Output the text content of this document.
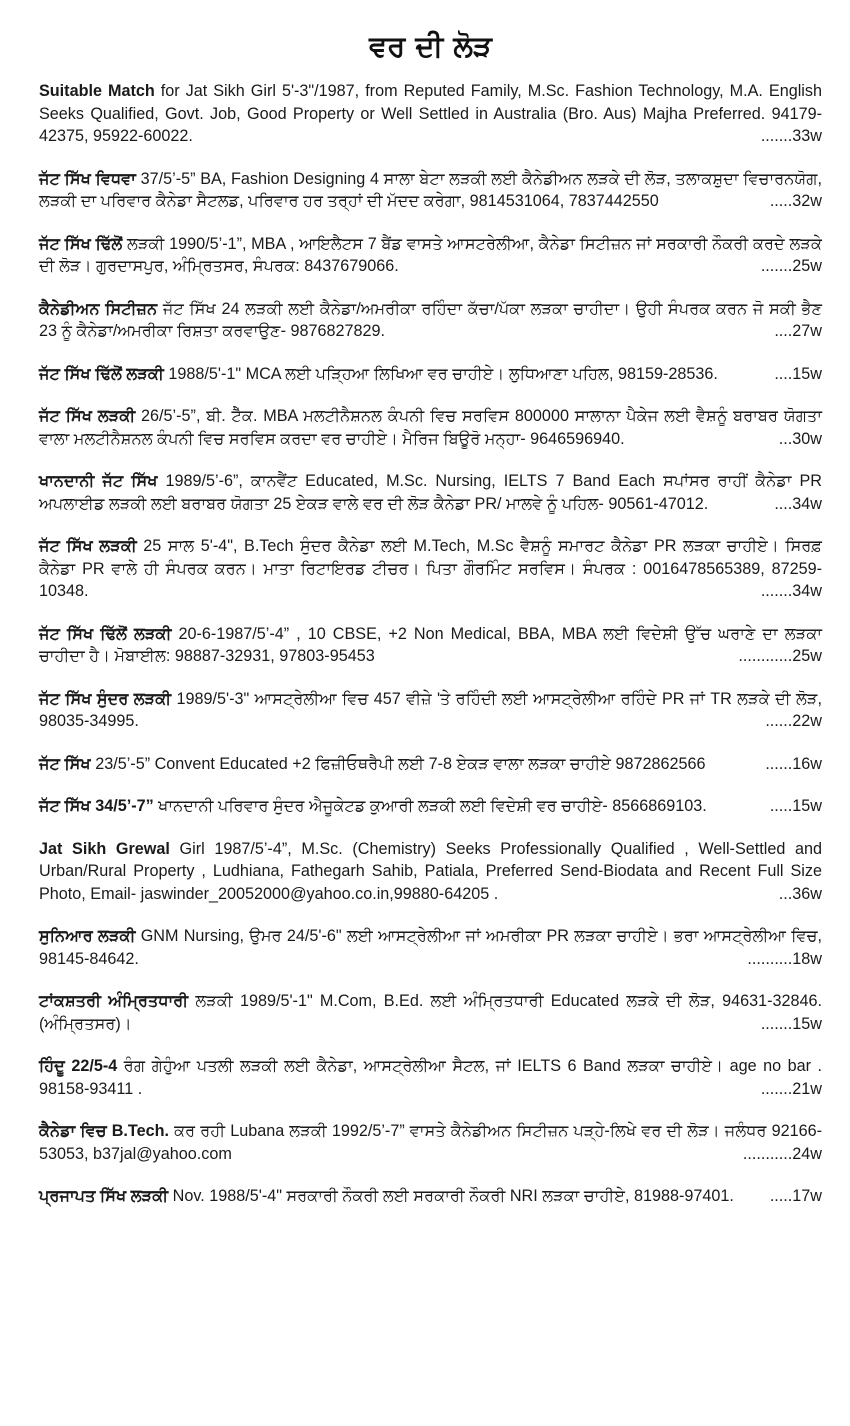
ਵਰ ਦੀ ਲੋੜ

Suitable Match for Jat Sikh Girl 5'-3"/1987, from Reputed Family, M.Sc. Fashion Technology, M.A. English Seeks Qualified, Govt. Job, Good Property or Well Settled in Australia (Bro. Aus) Majha Preferred. 94179-42375, 95922-60022.	.......33w

ਜੱਟ ਸਿੱਖ ਵਿਧਵਾ 37/5’-5” BA, Fashion Designing 4 ਸਾਲਾ ਬੇਟਾ ਲੜਕੀ ਲਈ ਕੈਨੇਡੀਅਨ ਲੜਕੇ ਦੀ ਲੋੜ, ਤਲਾਕਸ਼ੁਦਾ ਵਿਚਾਰਨਯੋਗ, ਲੜਕੀ ਦਾ ਪਰਿਵਾਰ ਕੈਨੇਡਾ ਸੈਟਲਡ, ਪਰਿਵਾਰ ਹਰ ਤਰ੍ਹਾਂ ਦੀ ਮੱਦਦ ਕਰੇਗਾ, 9814531064, 7837442550	.....32w

ਜੱਟ ਸਿੱਖ ਢਿੱਲੋਂ ਲੜਕੀ 1990/5’-1”, MBA , ਆਇਲੈਟਸ 7 ਬੈਂਡ ਵਾਸਤੇ ਆਸਟਰੇਲੀਆ, ਕੈਨੇਡਾ ਸਿਟੀਜ਼ਨ ਜਾਂ ਸਰਕਾਰੀ ਨੌਕਰੀ ਕਰਦੇ ਲੜਕੇ ਦੀ ਲੋੜ। ਗੁਰਦਾਸਪੁਰ, ਅੰਮ੍ਰਿਤਸਰ, ਸੰਪਰਕ: 8437679066.	.......25w

ਕੈਨੇਡੀਅਨ ਸਿਟੀਜ਼ਨ ਜੱਟ ਸਿੱਖ 24 ਲੜਕੀ ਲਈ ਕੈਨੇਡਾ/ਅਮਰੀਕਾ ਰਹਿੰਦਾ ਕੱਚਾ/ਪੱਕਾ ਲੜਕਾ ਚਾਹੀਦਾ। ਉਹੀ ਸੰਪਰਕ ਕਰਨ ਜੋ ਸਕੀ ਭੈਣ 23 ਨੂੰ ਕੈਨੇਡਾ/ਅਮਰੀਕਾ ਰਿਸ਼ਤਾ ਕਰਵਾਉਣ- 9876827829.	....27w

ਜੱਟ ਸਿੱਖ ਢਿੱਲੋਂ ਲੜਕੀ 1988/5'-1" MCA ਲਈ ਪੜ੍ਹਿਆ ਲਿਖਿਆ ਵਰ ਚਾਹੀਏ। ਲੁਧਿਆਣਾ ਪਹਿਲ, 98159-28536.	....15w

ਜੱਟ ਸਿੱਖ ਲੜਕੀ 26/5’-5”, ਬੀ. ਟੈੱਕ. MBA ਮਲਟੀਨੈਸ਼ਨਲ ਕੰਪਨੀ ਵਿਚ ਸਰਵਿਸ 800000 ਸਾਲਾਨਾ ਪੈਕੇਜ ਲਈ ਵੈਸ਼ਨੂੰ ਬਰਾਬਰ ਯੋਗਤਾ ਵਾਲਾ ਮਲਟੀਨੈਸ਼ਨਲ ਕੰਪਨੀ ਵਿਚ ਸਰਵਿਸ ਕਰਦਾ ਵਰ ਚਾਹੀਏ। ਮੈਰਿਜ ਬਿਊਰੋ ਮਨ੍ਹਾ- 9646596940.	...30w

ਖਾਨਦਾਨੀ ਜੱਟ ਸਿੱਖ 1989/5’-6”, ਕਾਨਵੈਂਟ Educated, M.Sc. Nursing, IELTS 7 Band Each ਸਪਾਂਸਰ ਰਾਹੀਂ ਕੈਨੇਡਾ PR ਅਪਲਾਈਡ ਲੜਕੀ ਲਈ ਬਰਾਬਰ ਯੋਗਤਾ 25 ਏਕੜ ਵਾਲੇ ਵਰ ਦੀ ਲੋੜ ਕੈਨੇਡਾ PR/ ਮਾਲਵੇ ਨੂੰ ਪਹਿਲ- 90561-47012.	....34w

ਜੱਟ ਸਿੱਖ ਲੜਕੀ 25 ਸਾਲ 5'-4", B.Tech ਸੁੰਦਰ ਕੈਨੇਡਾ ਲਈ M.Tech, M.Sc ਵੈਸ਼ਨੂੰ ਸਮਾਰਟ ਕੈਨੇਡਾ PR ਲੜਕਾ ਚਾਹੀਏ। ਸਿਰਫ਼ ਕੈਨੇਡਾ PR ਵਾਲੇ ਹੀ ਸੰਪਰਕ ਕਰਨ। ਮਾਤਾ ਰਿਟਾਇਰਡ ਟੀਚਰ। ਪਿਤਾ ਗੌਰਮਿੰਟ ਸਰਵਿਸ। ਸੰਪਰਕ : 0016478565389, 87259-10348.	.......34w

ਜੱਟ ਸਿੱਖ ਢਿੱਲੋਂ ਲੜਕੀ 20-6-1987/5’-4” , 10 CBSE, +2 Non Medical, BBA, MBA ਲਈ ਵਿਦੇਸ਼ੀ ਉੱਚ ਘਰਾਣੇ ਦਾ ਲੜਕਾ ਚਾਹੀਦਾ ਹੈ। ਮੋਬਾਈਲ: 98887-32931, 97803-95453	............25w

ਜੱਟ ਸਿੱਖ ਸੁੰਦਰ ਲੜਕੀ 1989/5'-3" ਆਸਟ੍ਰੇਲੀਆ ਵਿਚ 457 ਵੀਜ਼ੇ 'ਤੇ ਰਹਿੰਦੀ ਲਈ ਆਸਟ੍ਰੇਲੀਆ ਰਹਿੰਦੇ PR ਜਾਂ TR ਲੜਕੇ ਦੀ ਲੋੜ, 98035-34995.	......22w

ਜੱਟ ਸਿੱਖ 23/5’-5” Convent Educated +2 ਫਿਜ਼ੀਓਥਰੈਪੀ ਲਈ 7-8 ਏਕੜ ਵਾਲਾ ਲੜਕਾ ਚਾਹੀਏ 9872862566	......16w

ਜੱਟ ਸਿੱਖ 34/5’-7” ਖਾਨਦਾਨੀ ਪਰਿਵਾਰ ਸੁੰਦਰ ਐਜੂਕੇਟਡ ਕੁਆਰੀ ਲੜਕੀ ਲਈ ਵਿਦੇਸ਼ੀ ਵਰ ਚਾਹੀਏ- 8566869103.	.....15w

Jat Sikh Grewal Girl 1987/5’-4”, M.Sc. (Chemistry) Seeks Professionally Qualified , Well-Settled and Urban/Rural Property , Ludhiana, Fathegarh Sahib, Patiala, Preferred Send-Biodata and Recent Full Size Photo, Email- jaswinder_20052000@yahoo.co.in,99880-64205 .	...36w

ਸੁਨਿਆਰ ਲੜਕੀ GNM Nursing, ਉਮਰ 24/5'-6" ਲਈ ਆਸਟ੍ਰੇਲੀਆ ਜਾਂ ਅਮਰੀਕਾ PR ਲੜਕਾ ਚਾਹੀਏ। ਭਰਾ ਆਸਟ੍ਰੇਲੀਆ ਵਿਚ, 98145-84642.	..........18w

ਟਾਂਕਸ਼ਤਰੀ ਅੰਮ੍ਰਿਤਧਾਰੀ ਲੜਕੀ 1989/5'-1" M.Com, B.Ed. ਲਈ ਅੰਮ੍ਰਿਤਧਾਰੀ Educated ਲੜਕੇ ਦੀ ਲੋੜ, 94631-32846. (ਅੰਮ੍ਰਿਤਸਰ)।	.......15w

ਹਿੰਦੂ 22/5-4 ਰੰਗ ਗੇਹੁੰਆ ਪਤਲੀ ਲੜਕੀ ਲਈ ਕੈਨੇਡਾ, ਆਸਟ੍ਰੇਲੀਆ ਸੈਟਲ, ਜਾਂ IELTS 6 Band ਲੜਕਾ ਚਾਹੀਏ। age no bar . 98158-93411 .	.......21w

ਕੈਨੇਡਾ ਵਿਚ B.Tech. ਕਰ ਰਹੀ Lubana ਲੜਕੀ 1992/5’-7” ਵਾਸਤੇ ਕੈਨੇਡੀਅਨ ਸਿਟੀਜ਼ਨ ਪੜ੍ਹੇ-ਲਿਖੇ ਵਰ ਦੀ ਲੋੜ। ਜਲੰਧਰ 92166-53053, b37jal@yahoo.com	...........24w

ਪ੍ਰਜਾਪਤ ਸਿੱਖ ਲੜਕੀ Nov. 1988/5'-4" ਸਰਕਾਰੀ ਨੌਕਰੀ ਲਈ ਸਰਕਾਰੀ ਨੌਕਰੀ NRI ਲੜਕਾ ਚਾਹੀਏ, 81988-97401. .....17w
